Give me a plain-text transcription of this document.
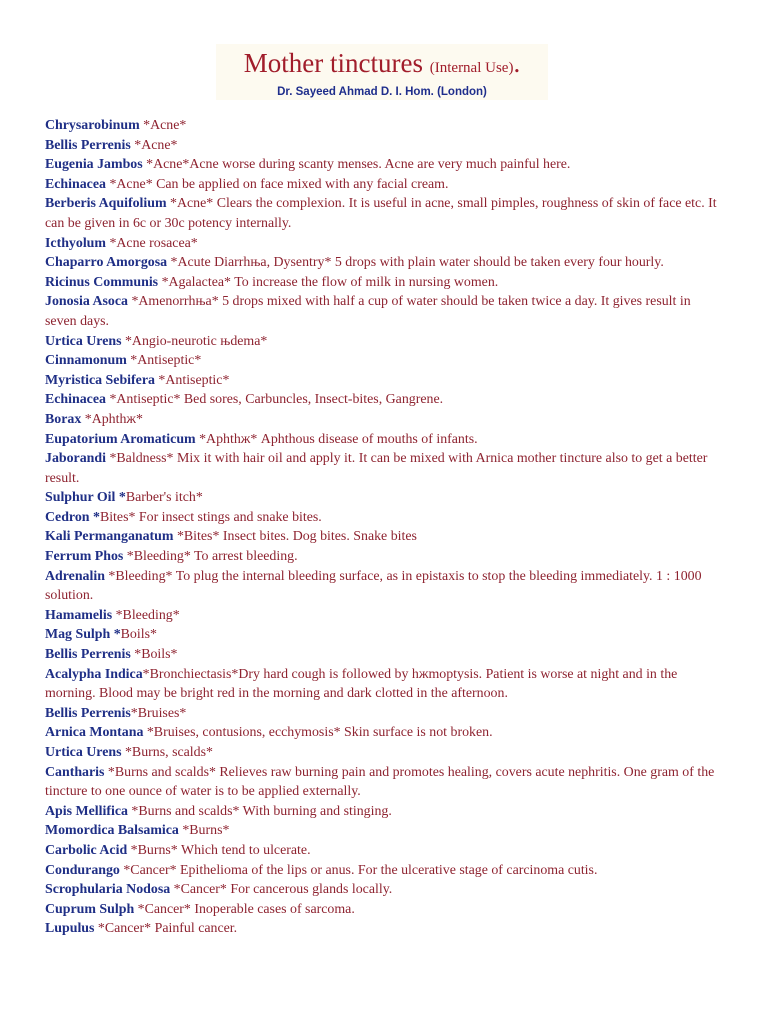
Mother tinctures (Internal Use).
Dr. Sayeed Ahmad D. I. Hom. (London)
Chrysarobinum *Acne*
Bellis Perrenis *Acne*
Eugenia Jambos *Acne*Acne worse during scanty menses. Acne are very much painful here.
Echinacea *Acne* Can be applied on face mixed with any facial cream.
Berberis Aquifolium *Acne* Clears the complexion. It is useful in acne, small pimples, roughness of skin of face etc. It can be given in 6c or 30c potency internally.
Icthyolum *Acne rosacea*
Chaparro Amorgosa *Acute Diarrhњa, Dysentry* 5 drops with plain water should be taken every four hourly.
Ricinus Communis *Agalactea* To increase the flow of milk in nursing women.
Jonosia Asoca *Amenorrhњa* 5 drops mixed with half a cup of water should be taken twice a day. It gives result in seven days.
Urtica Urens *Angio-neurotic њdema*
Cinnamonum *Antiseptic*
Myristica Sebifera *Antiseptic*
Echinacea *Antiseptic* Bed sores, Carbuncles, Insect-bites, Gangrene.
Borax *Aphthж*
Eupatorium Aromaticum *Aphthж* Aphthous disease of mouths of infants.
Jaborandi *Baldness* Mix it with hair oil and apply it. It can be mixed with Arnica mother tincture also to get a better result.
Sulphur Oil *Barber's itch*
Cedron *Bites* For insect stings and snake bites.
Kali Permanganatum *Bites* Insect bites. Dog bites. Snake bites
Ferrum Phos *Bleeding* To arrest bleeding.
Adrenalin *Bleeding* To plug the internal bleeding surface, as in epistaxis to stop the bleeding immediately. 1 : 1000 solution.
Hamamelis *Bleeding*
Mag Sulph *Boils*
Bellis Perrenis *Boils*
Acalypha Indica*Bronchiectasis*Dry hard cough is followed by hжmoptysis. Patient is worse at night and in the morning. Blood may be bright red in the morning and dark clotted in the afternoon.
Bellis Perrenis*Bruises*
Arnica Montana *Bruises, contusions, ecchymosis* Skin surface is not broken.
Urtica Urens *Burns, scalds*
Cantharis *Burns and scalds* Relieves raw burning pain and promotes healing, covers acute nephritis. One gram of the tincture to one ounce of water is to be applied externally.
Apis Mellifica *Burns and scalds* With burning and stinging.
Momordica Balsamica *Burns*
Carbolic Acid *Burns* Which tend to ulcerate.
Condurango *Cancer* Epithelioma of the lips or anus. For the ulcerative stage of carcinoma cutis.
Scrophularia Nodosa *Cancer* For cancerous glands locally.
Cuprum Sulph *Cancer* Inoperable cases of sarcoma.
Lupulus *Cancer* Painful cancer.
